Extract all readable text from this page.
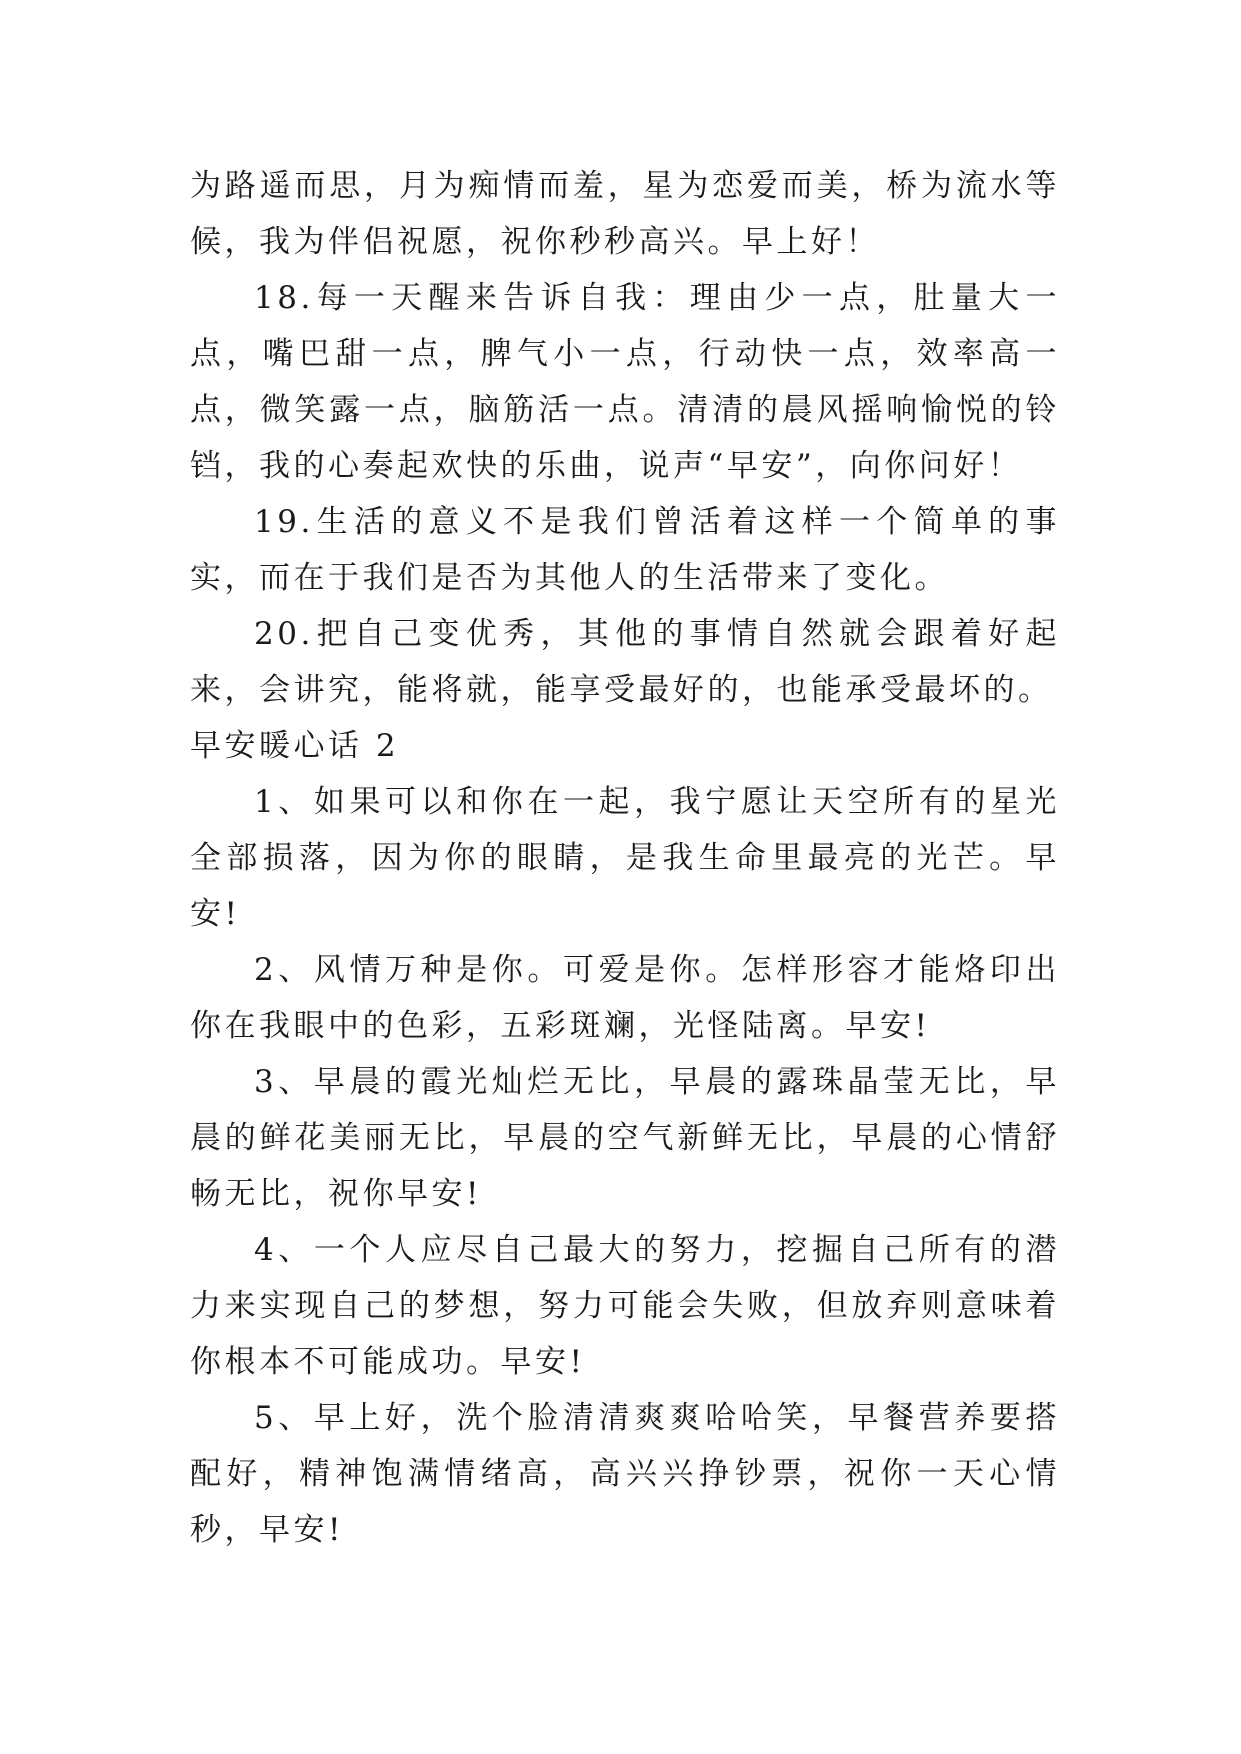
为路遥而思，月为痴情而羞，星为恋爱而美，桥为流水等候，我为伴侣祝愿，祝你秒秒高兴。早上好！

18.每一天醒来告诉自我：理由少一点，肚量大一点，嘴巴甜一点，脾气小一点，行动快一点，效率高一点，微笑露一点，脑筋活一点。清清的晨风摇响愉悦的铃铛，我的心奏起欢快的乐曲，说声“早安”，向你问好！

19.生活的意义不是我们曾活着这样一个简单的事实，而在于我们是否为其他人的生活带来了变化。

20.把自己变优秀，其他的事情自然就会跟着好起来，会讲究，能将就，能享受最好的，也能承受最坏的。

早安暖心话 2

1、如果可以和你在一起，我宁愿让天空所有的星光全部损落，因为你的眼睛，是我生命里最亮的光芒。早安!

2、风情万种是你。可爱是你。怎样形容才能烙印出你在我眼中的色彩，五彩斑斓，光怪陆离。早安!

3、早晨的霞光灿烂无比，早晨的露珠晶莹无比，早晨的鲜花美丽无比，早晨的空气新鲜无比，早晨的心情舒畅无比，祝你早安!

4、一个人应尽自己最大的努力，挖掘自己所有的潜力来实现自己的梦想，努力可能会失败，但放弃则意味着你根本不可能成功。早安!

5、早上好，洗个脸清清爽爽哈哈笑，早餐营养要搭配好，精神饱满情绪高，高兴兴挣钞票，祝你一天心情秒，早安!
